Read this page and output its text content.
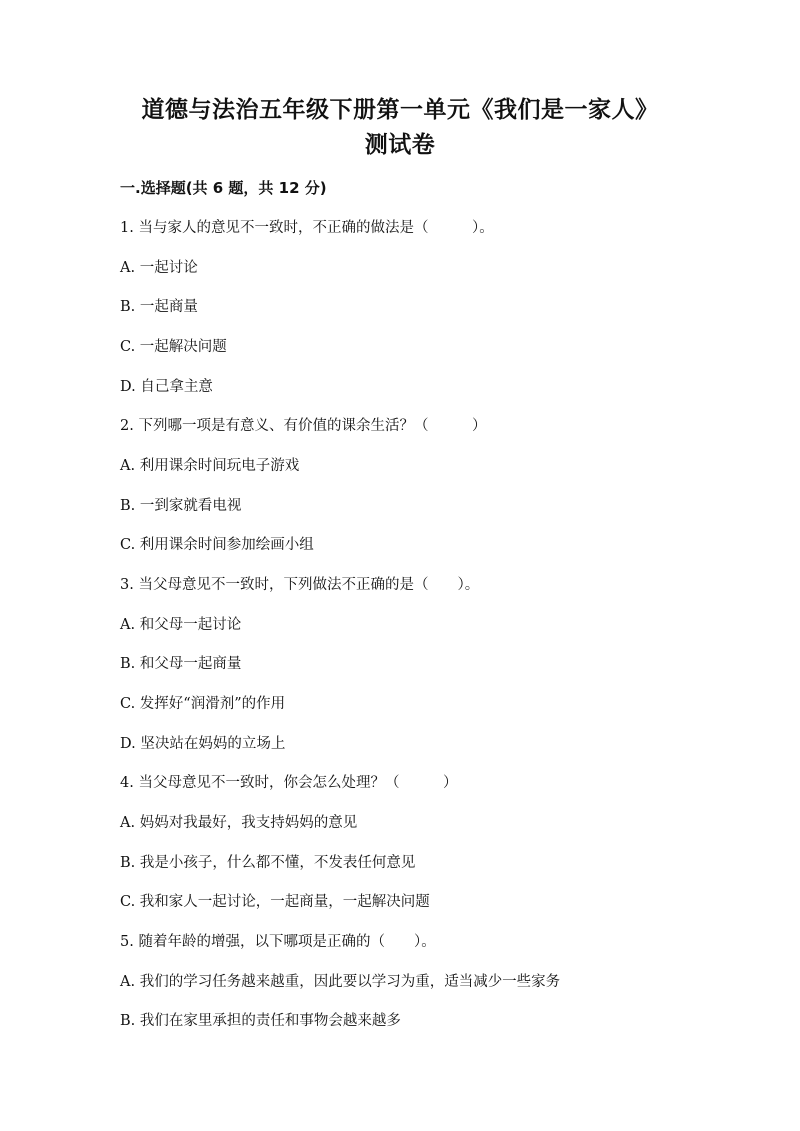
道德与法治五年级下册第一单元《我们是一家人》
测试卷
一.选择题(共 6 题，共 12 分)
1. 当与家人的意见不一致时，不正确的做法是（　　　）。
A. 一起讨论
B. 一起商量
C. 一起解决问题
D. 自己拿主意
2. 下列哪一项是有意义、有价值的课余生活？（　　　）
A. 利用课余时间玩电子游戏
B. 一到家就看电视
C. 利用课余时间参加绘画小组
3. 当父母意见不一致时，下列做法不正确的是（　　）。
A. 和父母一起讨论
B. 和父母一起商量
C. 发挥好“润滑剂”的作用
D. 坚决站在妈妈的立场上
4. 当父母意见不一致时，你会怎么处理？（　　　）
A. 妈妈对我最好，我支持妈妈的意见
B. 我是小孩子，什么都不懂，不发表任何意见
C. 我和家人一起讨论，一起商量，一起解决问题
5. 随着年龄的增强，以下哪项是正确的（　　）。
A. 我们的学习任务越来越重，因此要以学习为重，适当减少一些家务
B. 我们在家里承担的责任和事物会越来越多
